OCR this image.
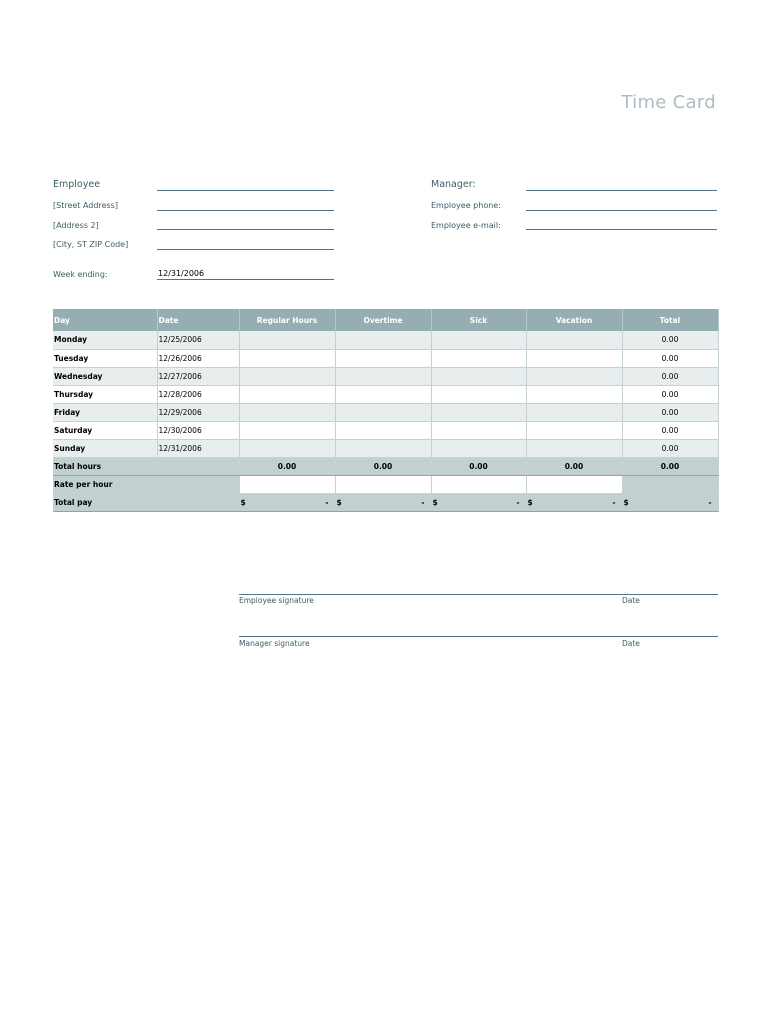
Time Card
Employee
[Street Address]
[Address 2]
[City, ST ZIP Code]
Week ending:	12/31/2006
Manager:
Employee phone:
Employee e-mail:
Day	Date	Regular Hours	Overtime	Sick	Vacation	Total
Monday	12/25/2006					0.00
Tuesday	12/26/2006					0.00
Wednesday	12/27/2006					0.00
Thursday	12/28/2006					0.00
Friday	12/29/2006					0.00
Saturday	12/30/2006					0.00
Sunday	12/31/2006					0.00
Total hours		0.00	0.00	0.00	0.00	0.00
Rate per hour						
Total pay		$ -	$ -	$ -	$ -	$ -
Employee signature	Date
Manager signature	Date
